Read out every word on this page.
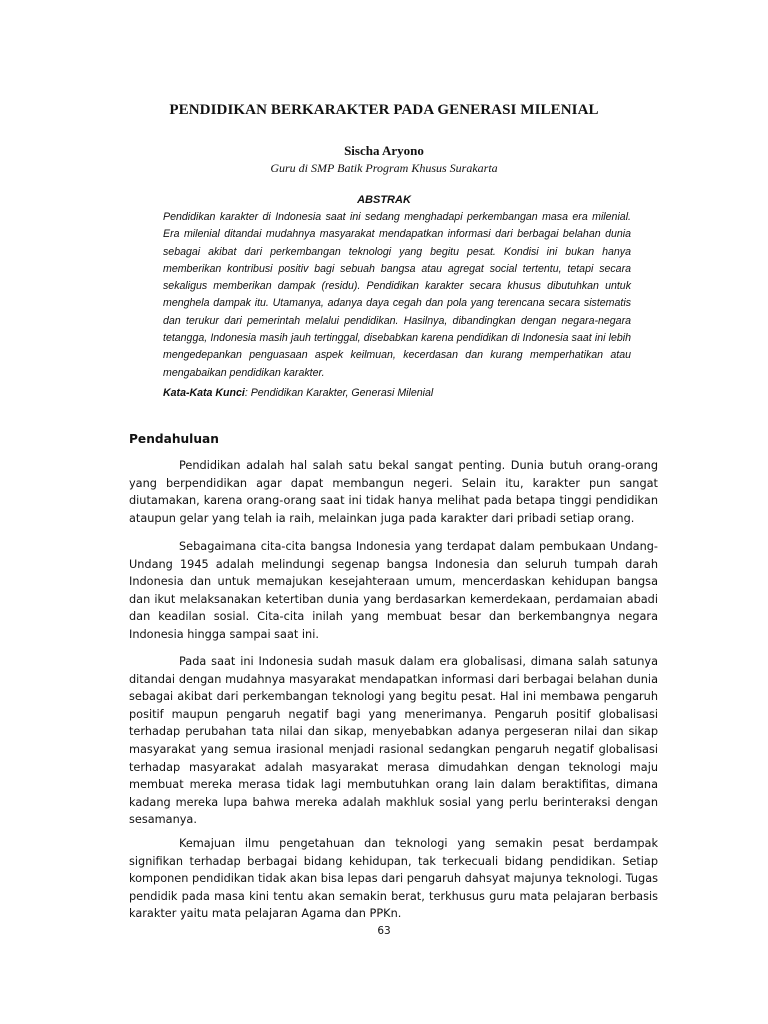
PENDIDIKAN BERKARAKTER PADA GENERASI MILENIAL

Sischa Aryono

Guru di SMP Batik Program Khusus Surakarta

ABSTRAK

Pendidikan karakter di Indonesia saat ini sedang menghadapi perkembangan masa era milenial. Era milenial ditandai mudahnya masyarakat mendapatkan informasi dari berbagai belahan dunia sebagai akibat dari perkembangan teknologi yang begitu pesat. Kondisi ini bukan hanya memberikan kontribusi positiv bagi sebuah bangsa atau agregat social tertentu, tetapi secara sekaligus memberikan dampak (residu). Pendidikan karakter secara khusus dibutuhkan untuk menghela dampak itu. Utamanya, adanya daya cegah dan pola yang terencana secara sistematis dan terukur dari pemerintah melalui pendidikan. Hasilnya, dibandingkan dengan negara-negara tetangga, Indonesia masih jauh tertinggal, disebabkan karena pendidikan di Indonesia saat ini lebih mengedepankan penguasaan aspek keilmuan, kecerdasan dan kurang memperhatikan atau mengabaikan pendidikan karakter.

Kata-Kata Kunci: Pendidikan Karakter, Generasi Milenial

Pendahuluan

Pendidikan adalah hal salah satu bekal sangat penting. Dunia butuh orang-orang yang berpendidikan agar dapat membangun negeri. Selain itu, karakter pun sangat diutamakan, karena orang-orang saat ini tidak hanya melihat pada betapa tinggi pendidikan ataupun gelar yang telah ia raih, melainkan juga pada karakter dari pribadi setiap orang.

Sebagaimana cita-cita bangsa Indonesia yang terdapat dalam pembukaan Undang-Undang 1945 adalah melindungi segenap bangsa Indonesia dan seluruh tumpah darah Indonesia dan untuk memajukan kesejahteraan umum, mencerdaskan kehidupan bangsa dan ikut melaksanakan ketertiban dunia yang berdasarkan kemerdekaan, perdamaian abadi dan keadilan sosial. Cita-cita inilah yang membuat besar dan berkembangnya negara Indonesia hingga sampai saat ini.

Pada saat ini Indonesia sudah masuk dalam era globalisasi, dimana salah satunya ditandai dengan mudahnya masyarakat mendapatkan informasi dari berbagai belahan dunia sebagai akibat dari perkembangan teknologi yang begitu pesat. Hal ini membawa pengaruh positif maupun pengaruh negatif bagi yang menerimanya. Pengaruh positif globalisasi terhadap perubahan tata nilai dan sikap, menyebabkan adanya pergeseran nilai dan sikap masyarakat yang semua irasional menjadi rasional sedangkan pengaruh negatif globalisasi terhadap masyarakat adalah masyarakat merasa dimudahkan dengan teknologi maju membuat mereka merasa tidak lagi membutuhkan orang lain dalam beraktifitas, dimana kadang mereka lupa bahwa mereka adalah makhluk sosial yang perlu berinteraksi dengan sesamanya.

Kemajuan ilmu pengetahuan dan teknologi yang semakin pesat berdampak signifikan terhadap berbagai bidang kehidupan, tak terkecuali bidang pendidikan. Setiap komponen pendidikan tidak akan bisa lepas dari pengaruh dahsyat majunya teknologi. Tugas pendidik pada masa kini tentu akan semakin berat, terkhusus guru mata pelajaran berbasis karakter yaitu mata pelajaran Agama dan PPKn.

63
